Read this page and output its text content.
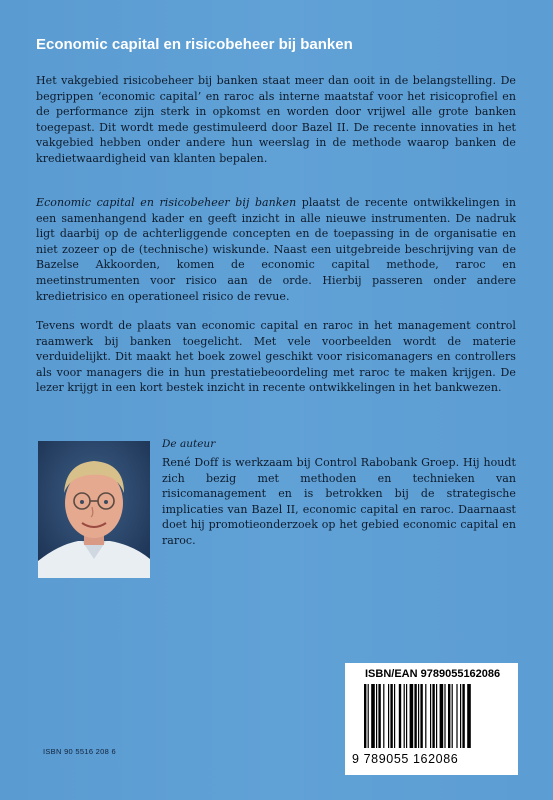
Economic capital en risicobeheer bij banken

Het vakgebied risicobeheer bij banken staat meer dan ooit in de belangstelling. De begrippen ‘economic capital’ en raroc als interne maatstaf voor het risicoprofiel en de performance zijn sterk in opkomst en worden door vrijwel alle grote banken toegepast. Dit wordt mede gestimuleerd door Bazel II. De recente innovaties in het vakgebied hebben onder andere hun weerslag in de methode waarop banken de kredietwaardigheid van klanten bepalen.

Economic capital en risicobeheer bij banken plaatst de recente ontwikkelingen in een samenhangend kader en geeft inzicht in alle nieuwe instrumenten. De nadruk ligt daarbij op de achterliggende concepten en de toepassing in de organisatie en niet zozeer op de (technische) wiskunde. Naast een uitgebreide beschrijving van de Bazelse Akkoorden, komen de economic capital methode, raroc en meetinstrumenten voor risico aan de orde. Hierbij passeren onder andere kredietrisico en operationeel risico de revue.

Tevens wordt de plaats van economic capital en raroc in het management control raamwerk bij banken toegelicht. Met vele voorbeelden wordt de materie verduidelijkt. Dit maakt het boek zowel geschikt voor risicomanagers en controllers als voor managers die in hun prestatiebeoordeling met raroc te maken krijgen. De lezer krijgt in een kort bestek inzicht in recente ontwikkelingen in het bankwezen.

De auteur

René Doff is werkzaam bij Control Rabobank Groep. Hij houdt zich bezig met methoden en technieken van risicomanagement en is betrokken bij de strategische implicaties van Bazel II, economic capital en raroc. Daarnaast doet hij promotieonderzoek op het gebied economic capital en raroc.

ISBN/EAN 9789055162086
9 789055 162086
ISBN 90 5516 208 6
